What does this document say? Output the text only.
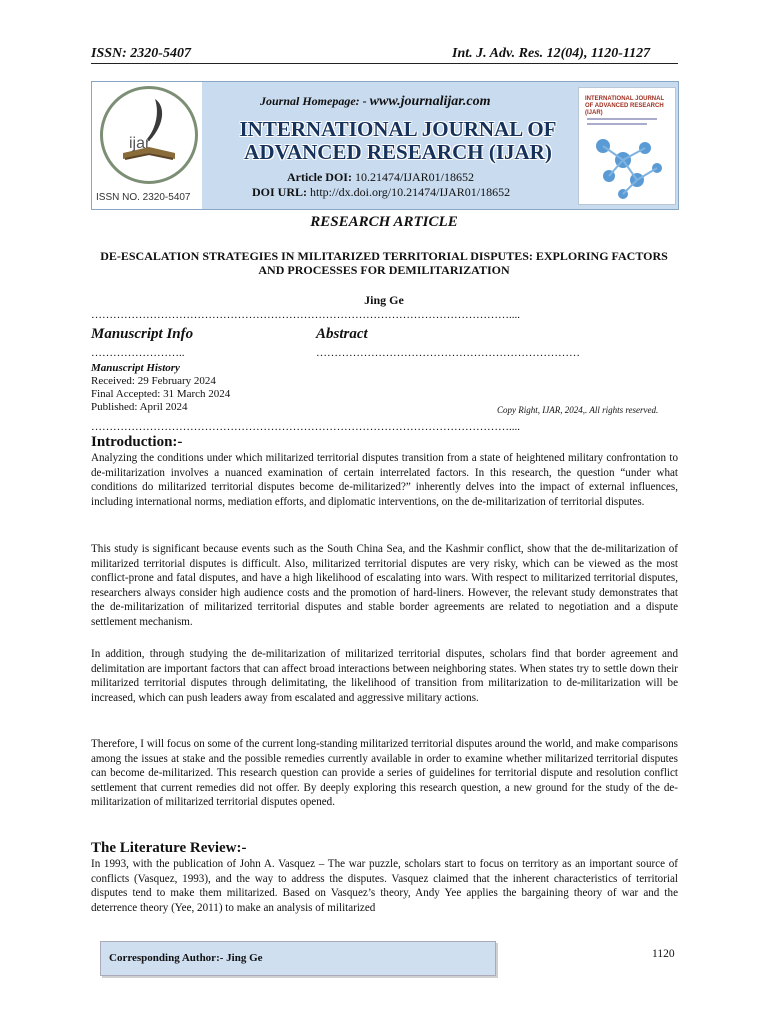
ISSN: 2320-5407	Int. J. Adv. Res. 12(04), 1120-1127
ijar
ISSN NO. 2320-5407
Journal Homepage: - www.journalijar.com
INTERNATIONAL JOURNAL OF
ADVANCED RESEARCH (IJAR)
Article DOI: 10.21474/IJAR01/18652
DOI URL: http://dx.doi.org/10.21474/IJAR01/18652
INTERNATIONAL JOURNAL OF ADVANCED RESEARCH (IJAR)
RESEARCH ARTICLE
DE-ESCALATION STRATEGIES IN MILITARIZED TERRITORIAL DISPUTES: EXPLORING FACTORS AND PROCESSES FOR DEMILITARIZATION
Jing Ge
……………………………………………………………………………………………………....
Manuscript Info	Abstract
……………………..	………………………………………………………………
Manuscript History
Received: 29 February 2024
Final Accepted: 31 March 2024
Published: April 2024	Copy Right, IJAR, 2024,. All rights reserved.
……………………………………………………………………………………………………....
Introduction:-

Analyzing the conditions under which militarized territorial disputes transition from a state of heightened military confrontation to de-militarization involves a nuanced examination of certain interrelated factors. In this research, the question “under what conditions do militarized territorial disputes become de-militarized?” inherently delves into the impact of external influences, including international norms, mediation efforts, and diplomatic interventions, on the de-militarization of territorial disputes.

This study is significant because events such as the South China Sea, and the Kashmir conflict, show that the de-militarization of militarized territorial disputes is difficult. Also, militarized territorial disputes are very risky, which can be viewed as the most conflict-prone and fatal disputes, and have a high likelihood of escalating into wars. With respect to militarized territorial disputes, researchers always consider high audience costs and the promotion of hard-liners. However, the relevant study demonstrates that the de-militarization of militarized territorial disputes and stable border agreements are related to negotiation and a dispute settlement mechanism.

In addition, through studying the de-militarization of militarized territorial disputes, scholars find that border agreement and delimitation are important factors that can affect broad interactions between neighboring states. When states try to settle down their militarized territorial disputes through delimitating, the likelihood of transition from militarization to de-militarization will be increased, which can push leaders away from escalated and aggressive military actions.

Therefore, I will focus on some of the current long-standing militarized territorial disputes around the world, and make comparisons among the issues at stake and the possible remedies currently available in order to examine whether militarized territorial disputes can become de-militarized. This research question can provide a series of guidelines for territorial dispute and resolution conflict settlement that current remedies did not offer. By deeply exploring this research question, a new ground for the study of the de-militarization of militarized territorial disputes opened.

The Literature Review:-

In 1993, with the publication of John A. Vasquez – The war puzzle, scholars start to focus on territory as an important source of conflicts (Vasquez, 1993), and the way to address the disputes. Vasquez claimed that the inherent characteristics of territorial disputes tend to make them militarized. Based on Vasquez’s theory, Andy Yee applies the bargaining theory of war and the deterrence theory (Yee, 2011) to make an analysis of militarized

Corresponding Author:- Jing Ge	1120
